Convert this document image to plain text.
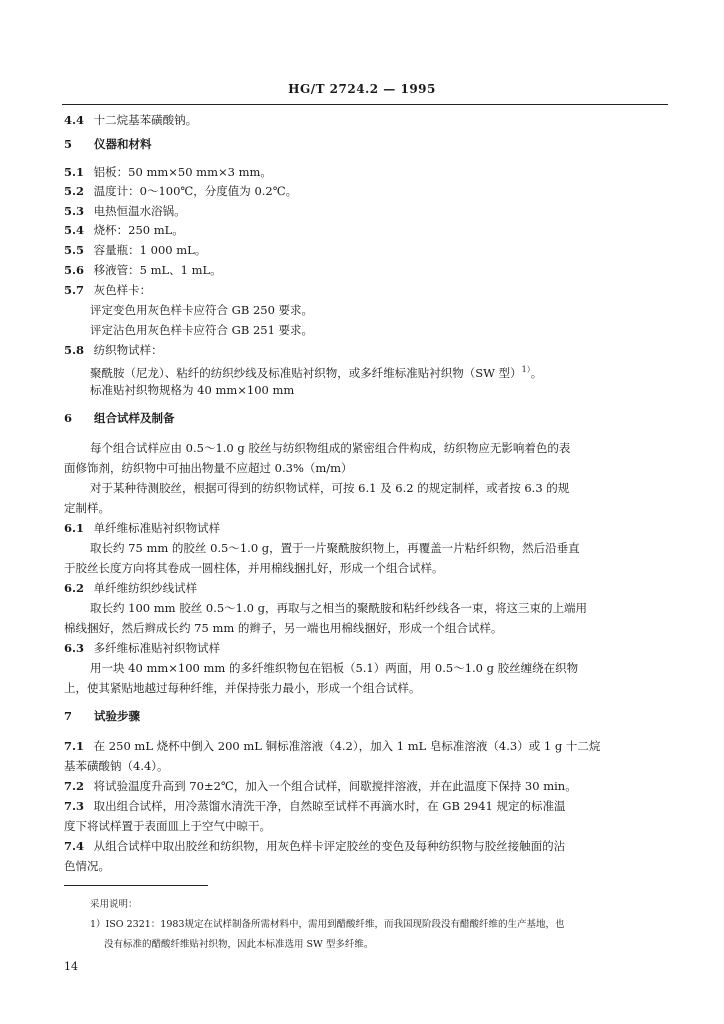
HG/T 2724.2 — 1995
4.4 十二烷基苯磺酸钠。
5 仪器和材料
5.1 铝板：50 mm×50 mm×3 mm。
5.2 温度计：0～100℃，分度值为 0.2℃。
5.3 电热恒温水浴锅。
5.4 烧杯：250 mL。
5.5 容量瓶：1 000 mL。
5.6 移液管：5 mL、1 mL。
5.7 灰色样卡：
评定变色用灰色样卡应符合 GB 250 要求。
评定沾色用灰色样卡应符合 GB 251 要求。
5.8 纺织物试样：
聚酰胺（尼龙）、粘纤的纺织纱线及标准贴衬织物，或多纤维标准贴衬织物（SW 型）$^{1)}$。
标准贴衬织物规格为 40 mm×100 mm
6 组合试样及制备
每个组合试样应由 0.5～1.0 g 胶丝与纺织物组成的紧密组合件构成，纺织物应无影响着色的表
面修饰剂，纺织物中可抽出物量不应超过 0.3%（m/m）
对于某种待测胶丝，根据可得到的纺织物试样，可按 6.1 及 6.2 的规定制样，或者按 6.3 的规
定制样。
6.1 单纤维标准贴衬织物试样
取长约 75 mm 的胶丝 0.5～1.0 g，置于一片聚酰胺织物上，再覆盖一片粘纤织物，然后沿垂直
于胶丝长度方向将其卷成一圆柱体，并用棉线捆扎好，形成一个组合试样。
6.2 单纤维纺织纱线试样
取长约 100 mm 胶丝 0.5～1.0 g，再取与之相当的聚酰胺和粘纤纱线各一束，将这三束的上端用
棉线捆好，然后辫成长约 75 mm 的辫子，另一端也用棉线捆好，形成一个组合试样。
6.3 多纤维标准贴衬织物试样
用一块 40 mm×100 mm 的多纤维织物包在铝板（5.1）两面，用 0.5～1.0 g 胶丝缠绕在织物
上，使其紧贴地越过每种纤维，并保持张力最小，形成一个组合试样。
7 试验步骤
7.1 在 250 mL 烧杯中倒入 200 mL 铜标准溶液（4.2），加入 1 mL 皂标准溶液（4.3）或 1 g 十二烷
基苯磺酸钠（4.4）。
7.2 将试验温度升高到 70±2℃，加入一个组合试样，间歇搅拌溶液，并在此温度下保持 30 min。
7.3 取出组合试样，用冷蒸馏水清洗干净，自然晾至试样不再滴水时，在 GB 2941 规定的标准温
度下将试样置于表面皿上于空气中晾干。
7.4 从组合试样中取出胶丝和纺织物，用灰色样卡评定胶丝的变色及每种纺织物与胶丝接触面的沾
色情况。
采用说明：
1）ISO 2321：1983规定在试样制备所需材料中，需用到醋酸纤维，而我国现阶段没有醋酸纤维的生产基地，也
没有标准的醋酸纤维贴衬织物，因此本标准选用 SW 型多纤维。
14
